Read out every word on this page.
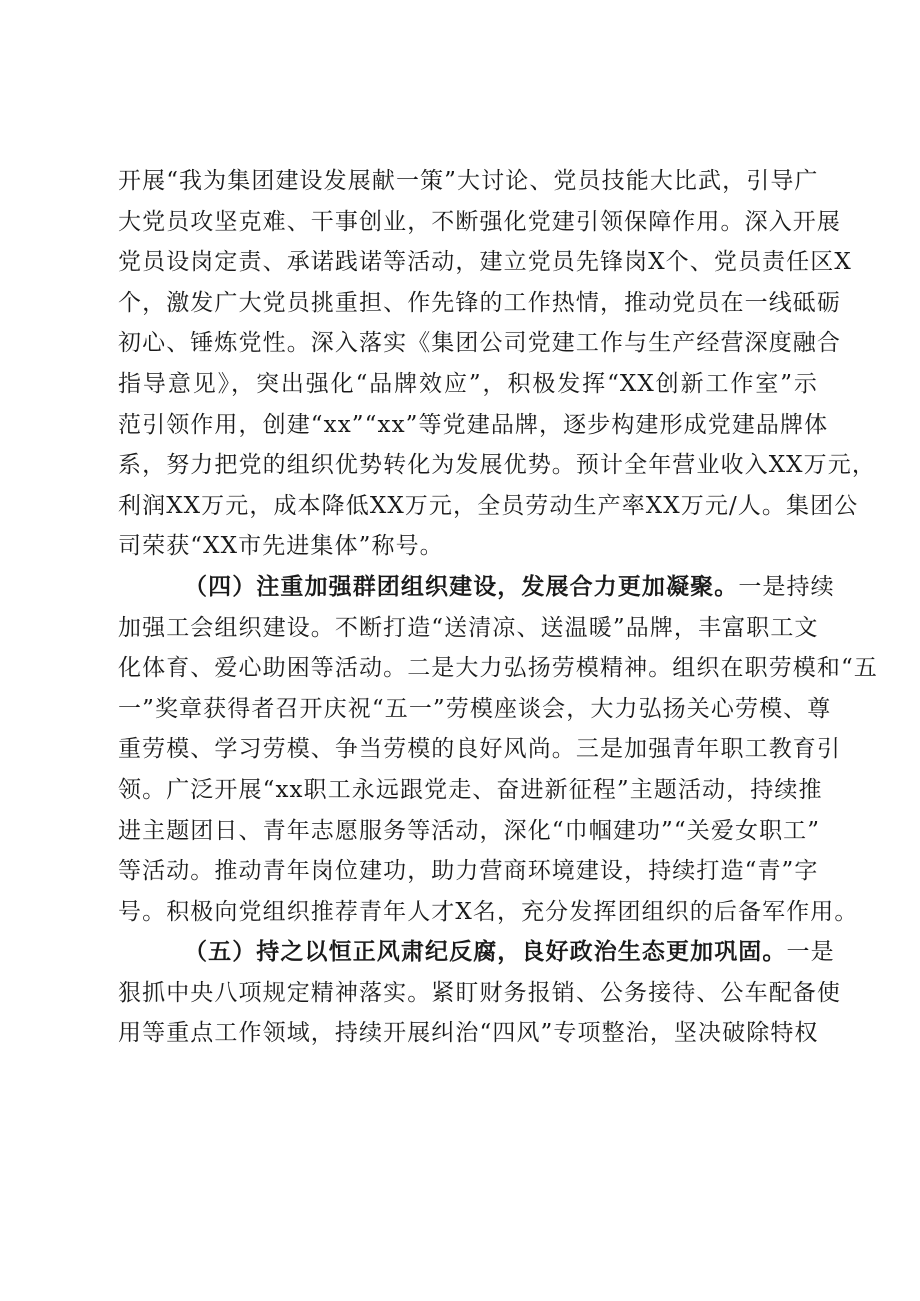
开展“我为集团建设发展献一策”大讨论、党员技能大比武，引导广
大党员攻坚克难、干事创业，不断强化党建引领保障作用。深入开展
党员设岗定责、承诺践诺等活动，建立党员先锋岗X个、党员责任区X
个，激发广大党员挑重担、作先锋的工作热情，推动党员在一线砥砺
初心、锤炼党性。深入落实《集团公司党建工作与生产经营深度融合
指导意见》，突出强化“品牌效应”，积极发挥“XX创新工作室”示
范引领作用，创建“xx”“xx”等党建品牌，逐步构建形成党建品牌体
系，努力把党的组织优势转化为发展优势。预计全年营业收入XX万元，
利润XX万元，成本降低XX万元，全员劳动生产率XX万元/人。集团公
司荣获“XX市先进集体”称号。
（四）注重加强群团组织建设，发展合力更加凝聚。一是持续
加强工会组织建设。不断打造“送清凉、送温暖”品牌，丰富职工文
化体育、爱心助困等活动。二是大力弘扬劳模精神。组织在职劳模和“五
一”奖章获得者召开庆祝“五一”劳模座谈会，大力弘扬关心劳模、尊
重劳模、学习劳模、争当劳模的良好风尚。三是加强青年职工教育引
领。广泛开展“xx职工永远跟党走、奋进新征程”主题活动，持续推
进主题团日、青年志愿服务等活动，深化“巾帼建功”“关爱女职工”
等活动。推动青年岗位建功，助力营商环境建设，持续打造“青”字
号。积极向党组织推荐青年人才X名，充分发挥团组织的后备军作用。
（五）持之以恒正风肃纪反腐，良好政治生态更加巩固。一是
狠抓中央八项规定精神落实。紧盯财务报销、公务接待、公车配备使
用等重点工作领域，持续开展纠治“四风”专项整治，坚决破除特权
